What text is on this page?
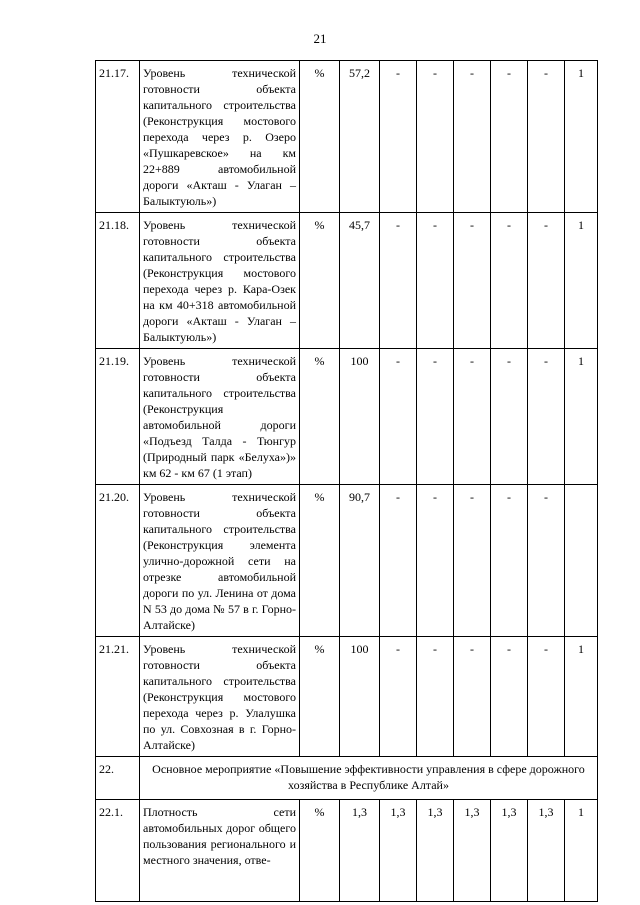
21
21.17.	Уровень технической готовности объекта капитального строительства (Реконструкция мостового перехода через р. Озеро «Пушкаревское» на км 22+889 автомобильной дороги «Акташ - Улаган – Балыктуюль»)	%	57,2	-	-	-	-	-	1
21.18.	Уровень технической готовности объекта капитального строительства (Реконструкция мостового перехода через р. Кара-Озек на км 40+318 автомобильной дороги «Акташ - Улаган – Балыктуюль»)	%	45,7	-	-	-	-	-	1
21.19.	Уровень технической готовности объекта капитального строительства (Реконструкция автомобильной дороги «Подъезд Талда - Тюнгур (Природный парк «Белуха»)» км 62 - км 67 (1 этап)	%	100	-	-	-	-	-	1
21.20.	Уровень технической готовности объекта капитального строительства (Реконструкция элемента улично-дорожной сети на отрезке автомобильной дороги по ул. Ленина от дома N 53 до дома № 57 в г. Горно-Алтайске)	%	90,7	-	-	-	-	-	
21.21.	Уровень технической готовности объекта капитального строительства (Реконструкция мостового перехода через р. Улалушка по ул. Совхозная в г. Горно-Алтайске)	%	100	-	-	-	-	-	1
22.	Основное мероприятие «Повышение эффективности управления в сфере дорожного хозяйства в Республике Алтай»								
22.1.	Плотность сети автомобильных дорог общего пользования регионального и местного значения, отве-	%	1,3	1,3	1,3	1,3	1,3	1,3	1
